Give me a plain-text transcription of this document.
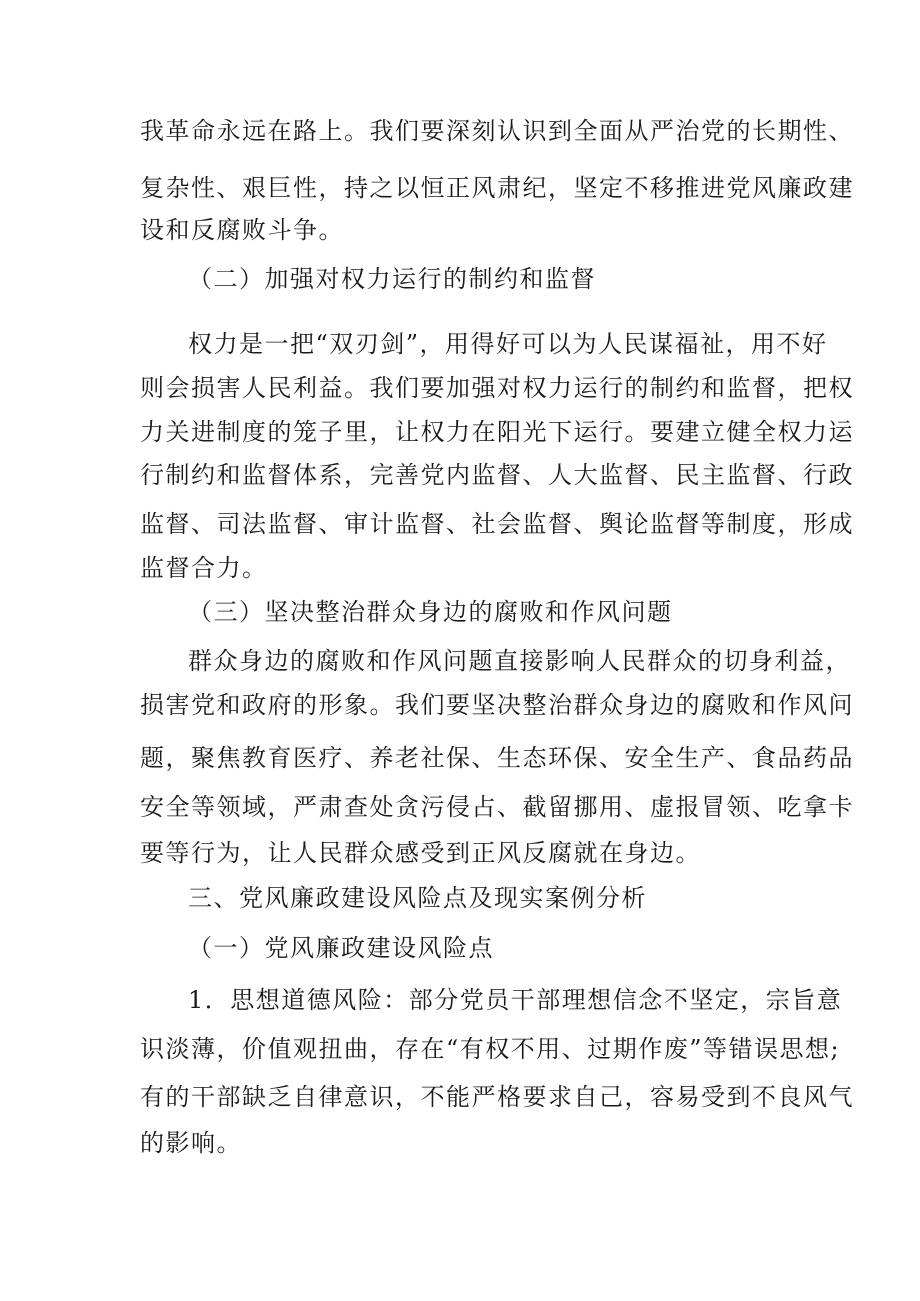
我革命永远在路上。我们要深刻认识到全面从严治党的长期性、
复杂性、艰巨性，持之以恒正风肃纪，坚定不移推进党风廉政建
设和反腐败斗争。
（二）加强对权力运行的制约和监督
权力是一把“双刃剑”，用得好可以为人民谋福祉，用不好
则会损害人民利益。我们要加强对权力运行的制约和监督，把权
力关进制度的笼子里，让权力在阳光下运行。要建立健全权力运
行制约和监督体系，完善党内监督、人大监督、民主监督、行政
监督、司法监督、审计监督、社会监督、舆论监督等制度，形成
监督合力。
（三）坚决整治群众身边的腐败和作风问题
群众身边的腐败和作风问题直接影响人民群众的切身利益，
损害党和政府的形象。我们要坚决整治群众身边的腐败和作风问
题，聚焦教育医疗、养老社保、生态环保、安全生产、食品药品
安全等领域，严肃查处贪污侵占、截留挪用、虚报冒领、吃拿卡
要等行为，让人民群众感受到正风反腐就在身边。
三、党风廉政建设风险点及现实案例分析
（一）党风廉政建设风险点
1．思想道德风险：部分党员干部理想信念不坚定，宗旨意
识淡薄，价值观扭曲，存在“有权不用、过期作废”等错误思想;
有的干部缺乏自律意识，不能严格要求自己，容易受到不良风气
的影响。
